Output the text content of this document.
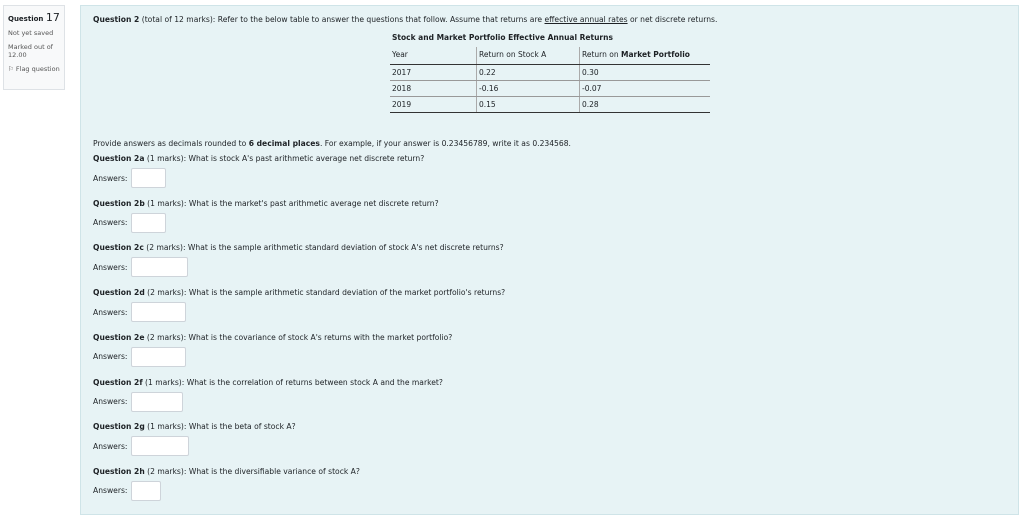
Question 17
Not yet saved
Marked out of 12.00
⚐ Flag question
Question 2 (total of 12 marks): Refer to the below table to answer the questions that follow. Assume that returns are effective annual rates or net discrete returns.
Stock and Market Portfolio Effective Annual Returns
Year	Return on Stock A	Return on Market Portfolio
2017	0.22	0.30
2018	-0.16	-0.07
2019	0.15	0.28
Provide answers as decimals rounded to 6 decimal places. For example, if your answer is 0.23456789, write it as 0.234568.
Question 2a (1 marks): What is stock A's past arithmetic average net discrete return?
Answers:
Question 2b (1 marks): What is the market's past arithmetic average net discrete return?
Answers:
Question 2c (2 marks): What is the sample arithmetic standard deviation of stock A's net discrete returns?
Answers:
Question 2d (2 marks): What is the sample arithmetic standard deviation of the market portfolio's returns?
Answers:
Question 2e (2 marks): What is the covariance of stock A's returns with the market portfolio?
Answers:
Question 2f (1 marks): What is the correlation of returns between stock A and the market?
Answers:
Question 2g (1 marks): What is the beta of stock A?
Answers:
Question 2h (2 marks): What is the diversifiable variance of stock A?
Answers:
